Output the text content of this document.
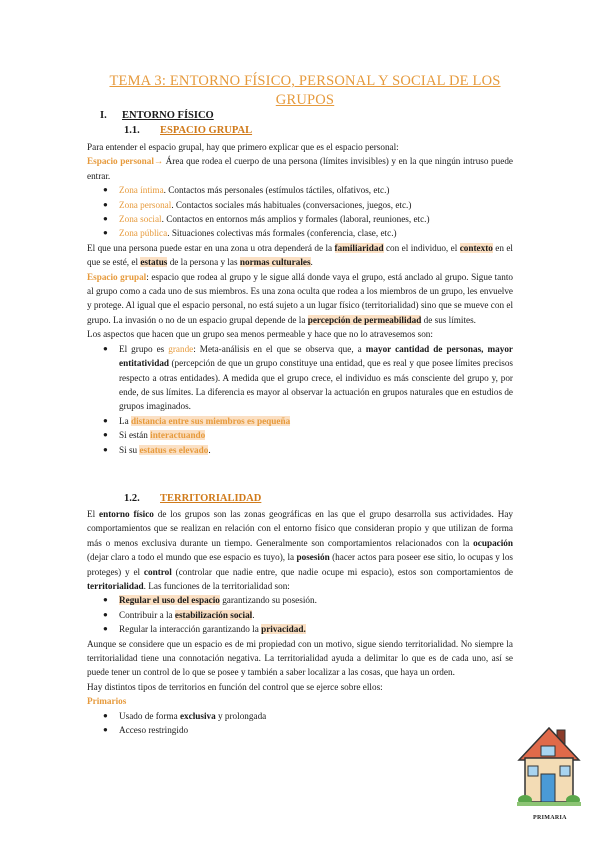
TEMA 3: ENTORNO FÍSICO, PERSONAL Y SOCIAL DE LOS GRUPOS
I. ENTORNO FÍSICO
1.1. ESPACIO GRUPAL

Para entender el espacio grupal, hay que primero explicar que es el espacio personal:

Espacio personal→ Área que rodea el cuerpo de una persona (límites invisibles) y en la que ningún intruso puede entrar.

● Zona íntima. Contactos más personales (estímulos táctiles, olfativos, etc.)
● Zona personal. Contactos sociales más habituales (conversaciones, juegos, etc.)
● Zona social. Contactos en entornos más amplios y formales (laboral, reuniones, etc.)
● Zona pública. Situaciones colectivas más formales (conferencia, clase, etc.)

El que una persona puede estar en una zona u otra dependerá de la familiaridad con el individuo, el contexto en el que se esté, el estatus de la persona y las normas culturales.

Espacio grupal: espacio que rodea al grupo y le sigue allá donde vaya el grupo, está anclado al grupo. Sigue tanto al grupo como a cada uno de sus miembros. Es una zona oculta que rodea a los miembros de un grupo, les envuelve y protege. Al igual que el espacio personal, no está sujeto a un lugar físico (territorialidad) sino que se mueve con el grupo. La invasión o no de un espacio grupal depende de la percepción de permeabilidad de sus límites.

Los aspectos que hacen que un grupo sea menos permeable y hace que no lo atravesemos son:

● El grupo es grande: Meta-análisis en el que se observa que, a mayor cantidad de personas, mayor entitatividad (percepción de que un grupo constituye una entidad, que es real y que posee límites precisos respecto a otras entidades). A medida que el grupo crece, el individuo es más consciente del grupo y, por ende, de sus límites. La diferencia es mayor al observar la actuación en grupos naturales que en estudios de grupos imaginados.
● La distancia entre sus miembros es pequeña
● Si están interactuando
● Si su estatus es elevado.
1.2. TERRITORIALIDAD

El entorno físico de los grupos son las zonas geográficas en las que el grupo desarrolla sus actividades. Hay comportamientos que se realizan en relación con el entorno físico que consideran propio y que utilizan de forma más o menos exclusiva durante un tiempo. Generalmente son comportamientos relacionados con la ocupación (dejar claro a todo el mundo que ese espacio es tuyo), la posesión (hacer actos para poseer ese sitio, lo ocupas y los proteges) y el control (controlar que nadie entre, que nadie ocupe mi espacio), estos son comportamientos de territorialidad. Las funciones de la territorialidad son:

● Regular el uso del espacio garantizando su posesión.
● Contribuir a la estabilización social.
● Regular la interacción garantizando la privacidad.

Aunque se considere que un espacio es de mi propiedad con un motivo, sigue siendo territorialidad. No siempre la territorialidad tiene una connotación negativa. La territorialidad ayuda a delimitar lo que es de cada uno, así se puede tener un control de lo que se posee y también a saber localizar a las cosas, que haya un orden.

Hay distintos tipos de territorios en función del control que se ejerce sobre ellos:

Primarios

● Usado de forma exclusiva y prolongada
● Acceso restringido
PRIMARIA
